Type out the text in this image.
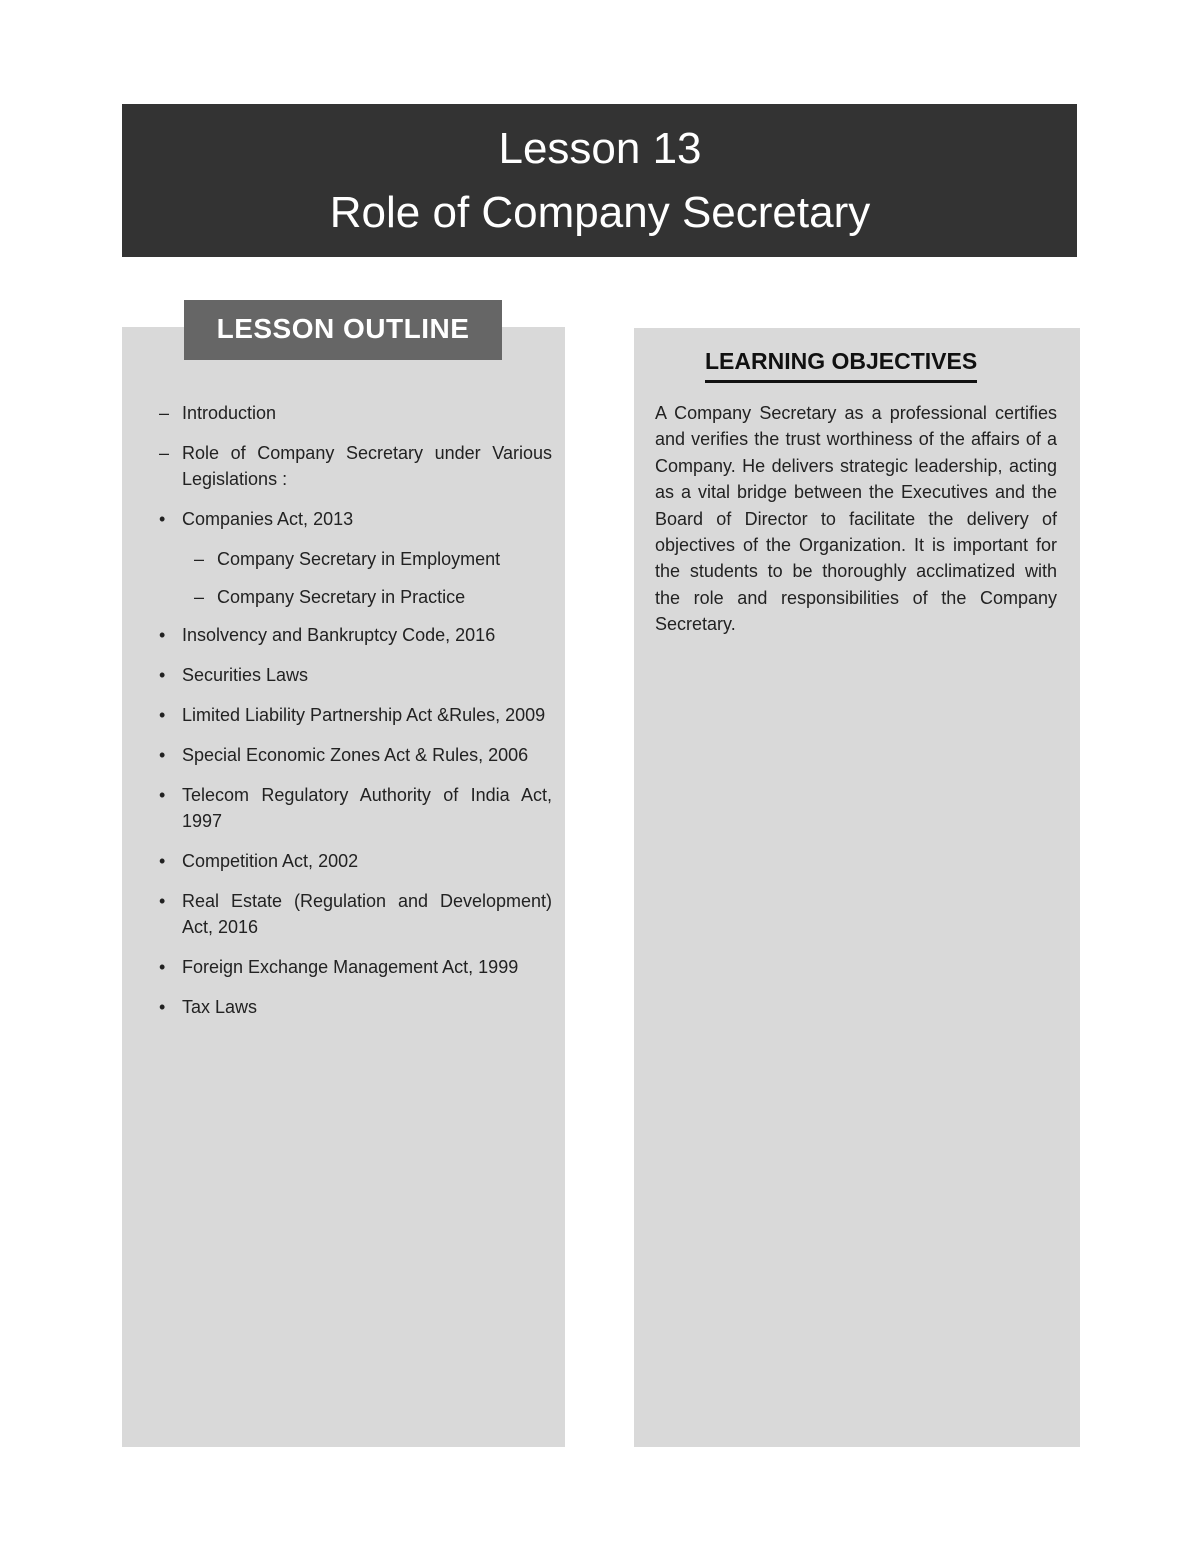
Lesson 13
Role of Company Secretary
LESSON OUTLINE
–
Introduction
–
Role of Company Secretary under Various Legislations :
•
Companies Act, 2013
–
Company Secretary in Employment
–
Company Secretary in Practice
•
Insolvency and Bankruptcy Code, 2016
•
Securities Laws
•
Limited Liability Partnership Act &Rules, 2009
•
Special Economic Zones Act & Rules, 2006
•
Telecom Regulatory Authority of India Act, 1997
•
Competition Act, 2002
•
Real Estate (Regulation and Development) Act, 2016
•
Foreign Exchange Management Act, 1999
•
Tax Laws
LEARNING OBJECTIVES

A Company Secretary as a professional certifies and verifies the trust worthiness of the affairs of a Company. He delivers strategic leadership, acting as a vital bridge between the Executives and the Board of Director to facilitate the delivery of objectives of the Organization. It is important for the students to be thoroughly acclimatized with the role and responsibilities of the Company Secretary.
